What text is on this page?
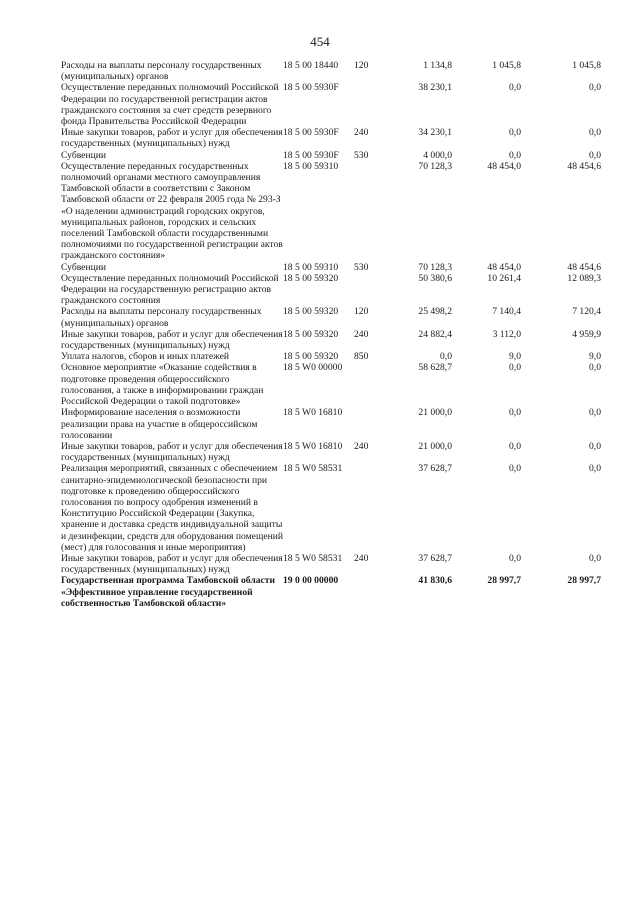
454
Расходы на выплаты персоналу государственных (муниципальных) органов	18 5 00 18440	120	1 134,8	1 045,8	1 045,8
Осуществление переданных полномочий Российской Федерации по государственной регистрации актов гражданского состояния за счет средств резервного фонда Правительства Российской Федерации	18 5 00 5930F		38 230,1	0,0	0,0
Иные закупки товаров, работ и услуг для обеспечения государственных (муниципальных) нужд	18 5 00 5930F	240	34 230,1	0,0	0,0
Субвенции	18 5 00 5930F	530	4 000,0	0,0	0,0
Осуществление переданных государственных полномочий органами местного самоуправления Тамбовской области в соответствии с Законом Тамбовской области от 22 февраля 2005 года № 293-З «О наделении администраций городских округов, муниципальных районов, городских и сельских поселений Тамбовской области государственными полномочиями по государственной регистрации актов гражданского состояния»	18 5 00 59310		70 128,3	48 454,0	48 454,6
Субвенции	18 5 00 59310	530	70 128,3	48 454,0	48 454,6
Осуществление переданных полномочий Российской Федерации на государственную регистрацию актов гражданского состояния	18 5 00 59320		50 380,6	10 261,4	12 089,3
Расходы на выплаты персоналу государственных (муниципальных) органов	18 5 00 59320	120	25 498,2	7 140,4	7 120,4
Иные закупки товаров, работ и услуг для обеспечения государственных (муниципальных) нужд	18 5 00 59320	240	24 882,4	3 112,0	4 959,9
Уплата налогов, сборов и иных платежей	18 5 00 59320	850	0,0	9,0	9,0
Основное мероприятие «Оказание содействия в подготовке проведения общероссийского голосования, а также в информировании граждан Российской Федерации о такой подготовке»	18 5 W0 00000		58 628,7	0,0	0,0
Информирование населения о возможности реализации права на участие в общероссийском голосовании	18 5 W0 16810		21 000,0	0,0	0,0
Иные закупки товаров, работ и услуг для обеспечения государственных (муниципальных) нужд	18 5 W0 16810	240	21 000,0	0,0	0,0
Реализация мероприятий, связанных с обеспечением санитарно-эпидемиологической безопасности при подготовке к проведению общероссийского голосования по вопросу одобрения изменений в Конституцию Российской Федерации (Закупка, хранение и доставка средств индивидуальной защиты и дезинфекции, средств для оборудования помещений (мест) для голосования и иные мероприятия)	18 5 W0 58531		37 628,7	0,0	0,0
Иные закупки товаров, работ и услуг для обеспечения государственных (муниципальных) нужд	18 5 W0 58531	240	37 628,7	0,0	0,0
Государственная программа Тамбовской области «Эффективное управление государственной собственностью Тамбовской области»	19 0 00 00000		41 830,6	28 997,7	28 997,7
